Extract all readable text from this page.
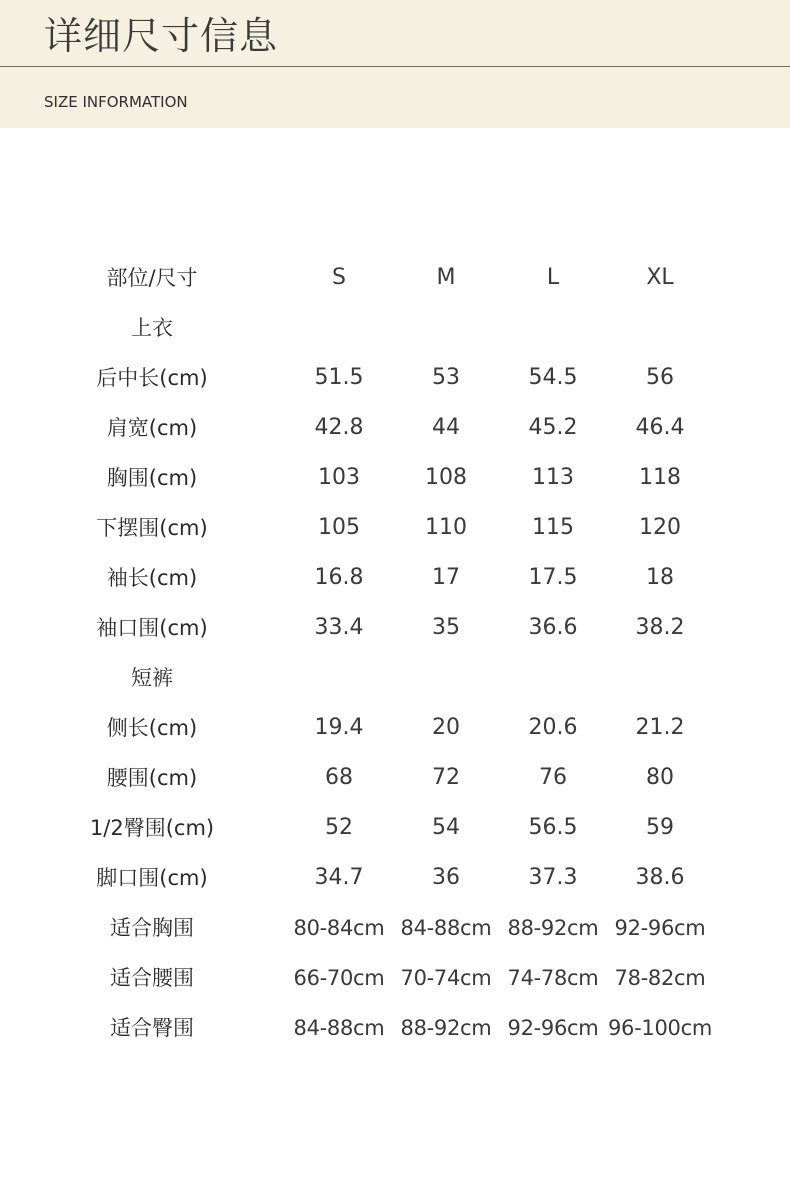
详细尺寸信息
SIZE INFORMATION
部位/尺寸	S	M	L	XL
上衣
后中长(cm)	51.5	53	54.5	56
肩宽(cm)	42.8	44	45.2	46.4
胸围(cm)	103	108	113	118
下摆围(cm)	105	110	115	120
袖长(cm)	16.8	17	17.5	18
袖口围(cm)	33.4	35	36.6	38.2
短裤
侧长(cm)	19.4	20	20.6	21.2
腰围(cm)	68	72	76	80
1/2臀围(cm)	52	54	56.5	59
脚口围(cm)	34.7	36	37.3	38.6
适合胸围	80-84cm 84-88cm 88-92cm 92-96cm
适合腰围	66-70cm 70-74cm 74-78cm 78-82cm
适合臀围	84-88cm 88-92cm 92-96cm 96-100cm
